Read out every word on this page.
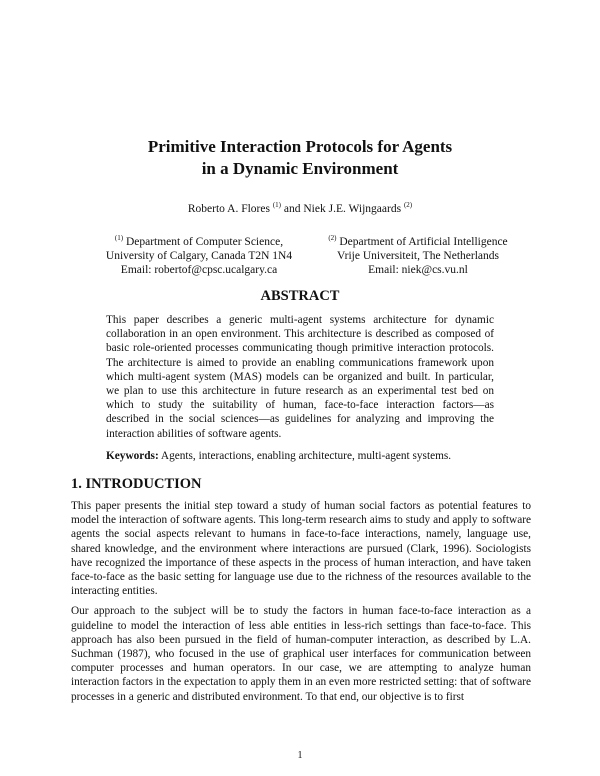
Primitive Interaction Protocols for Agents
in a Dynamic Environment
Roberto A. Flores $^{(1)}$ and Niek J.E. Wijngaards $^{(2)}$
$^{(1)}$ Department of Computer Science,
University of Calgary, Canada T2N 1N4
Email: robertof@cpsc.ucalgary.ca
$^{(2)}$ Department of Artificial Intelligence
Vrije Universiteit, The Netherlands
Email: niek@cs.vu.nl
ABSTRACT
This paper describes a generic multi-agent systems architecture for dynamic collaboration in an open environment. This architecture is described as composed of basic role-oriented processes communicating though primitive interaction protocols. The architecture is aimed to provide an enabling communications framework upon which multi-agent system (MAS) models can be organized and built. In particular, we plan to use this architecture in future research as an experimental test bed on which to study the suitability of human, face-to-face interaction factors—as described in the social sciences—as guidelines for analyzing and improving the interaction abilities of software agents.
Keywords: Agents, interactions, enabling architecture, multi-agent systems.
1. INTRODUCTION

This paper presents the initial step toward a study of human social factors as potential features to model the interaction of software agents. This long-term research aims to study and apply to software agents the social aspects relevant to humans in face-to-face interactions, namely, language use, shared knowledge, and the environment where interactions are pursued (Clark, 1996). Sociologists have recognized the importance of these aspects in the process of human interaction, and have taken face-to-face as the basic setting for language use due to the richness of the resources available to the interacting entities.

Our approach to the subject will be to study the factors in human face-to-face interaction as a guideline to model the interaction of less able entities in less-rich settings than face-to-face. This approach has also been pursued in the field of human-computer interaction, as described by L.A. Suchman (1987), who focused in the use of graphical user interfaces for communication between computer processes and human operators. In our case, we are attempting to analyze human interaction factors in the expectation to apply them in an even more restricted setting: that of software processes in a generic and distributed environment. To that end, our objective is to first

1
